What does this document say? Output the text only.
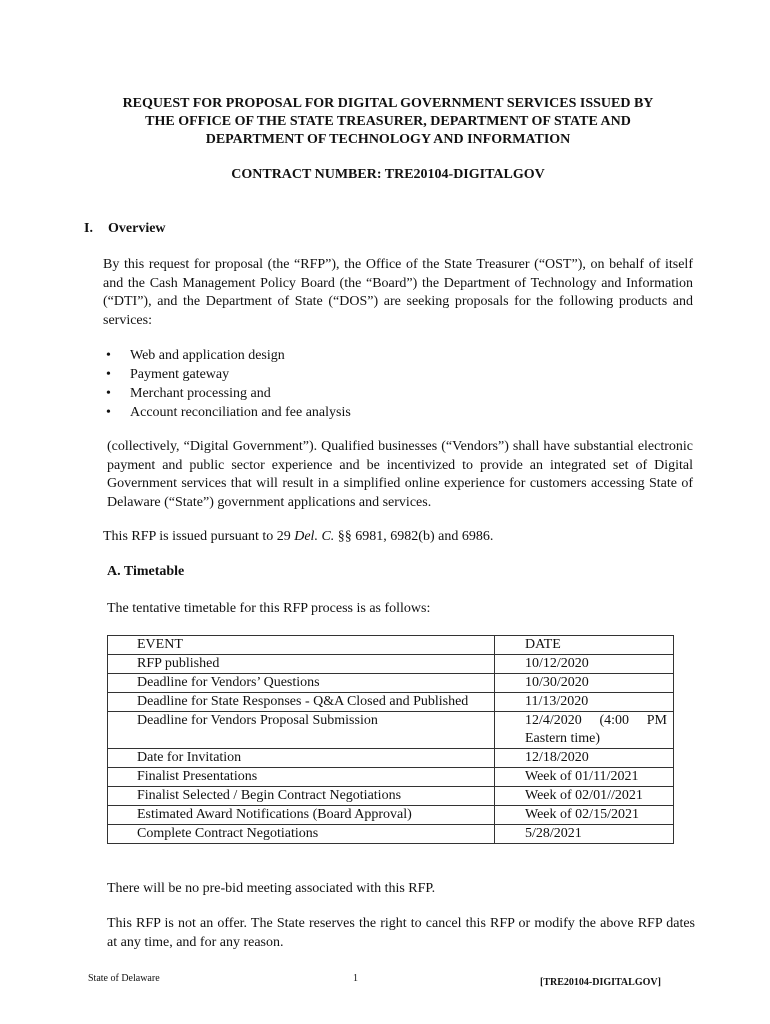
REQUEST FOR PROPOSAL FOR DIGITAL GOVERNMENT SERVICES ISSUED BY
THE OFFICE OF THE STATE TREASURER, DEPARTMENT OF STATE AND
DEPARTMENT OF TECHNOLOGY AND INFORMATION
CONTRACT NUMBER: TRE20104-DIGITALGOV
I. Overview
By this request for proposal (the “RFP”), the Office of the State Treasurer (“OST”), on behalf of itself and the Cash Management Policy Board (the “Board”) the Department of Technology and Information (“DTI”), and the Department of State (“DOS”) are seeking proposals for the following products and services:
• Web and application design
• Payment gateway
• Merchant processing and
• Account reconciliation and fee analysis
(collectively, “Digital Government”). Qualified businesses (“Vendors”) shall have substantial electronic payment and public sector experience and be incentivized to provide an integrated set of Digital Government services that will result in a simplified online experience for customers accessing State of Delaware (“State”) government applications and services.
This RFP is issued pursuant to 29 Del. C. §§ 6981, 6982(b) and 6986.
A. Timetable
The tentative timetable for this RFP process is as follows:
EVENT	DATE
RFP published	10/12/2020
Deadline for Vendors’ Questions	10/30/2020
Deadline for State Responses - Q&A Closed and Published	11/13/2020
Deadline for Vendors Proposal Submission	12/4/2020 (4:00 PM Eastern time)
Date for Invitation	12/18/2020
Finalist Presentations	Week of 01/11/2021
Finalist Selected / Begin Contract Negotiations	Week of 02/01//2021
Estimated Award Notifications (Board Approval)	Week of 02/15/2021
Complete Contract Negotiations	5/28/2021
There will be no pre-bid meeting associated with this RFP.
This RFP is not an offer. The State reserves the right to cancel this RFP or modify the above RFP dates at any time, and for any reason.
State of Delaware	1	[TRE20104-DIGITALGOV]
